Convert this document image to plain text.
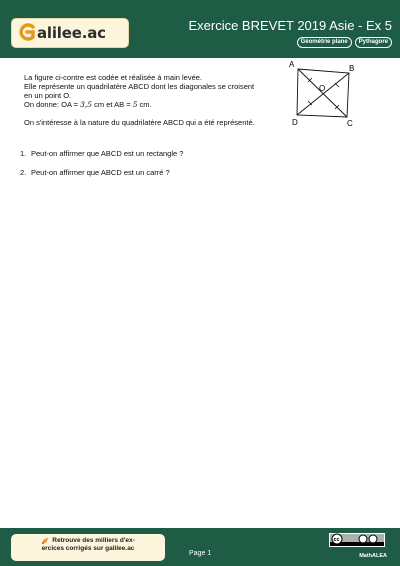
alilee.ac	Exercice BREVET 2019 Asie - Ex 5
Géométrie plane	Pythagore

La figure ci-contre est codée et réalisée à main levée.

Elle représente un quadrilatère ABCD dont les diagonales se croisent

en un point O.

On donne: OA = 3,5 cm et AB = 5 cm.

On s'intéresse à la nature du quadrilatère ABCD qui a été représenté.

A	B
C
D
O
1. Peut-on affirmer que ABCD est un rectangle ?
2. Peut-on affirmer que ABCD est un carré ?
Retrouve des milliers d'ex-
ercices corrigés sur galilee.ac
Page 1
cc
MathALEA
